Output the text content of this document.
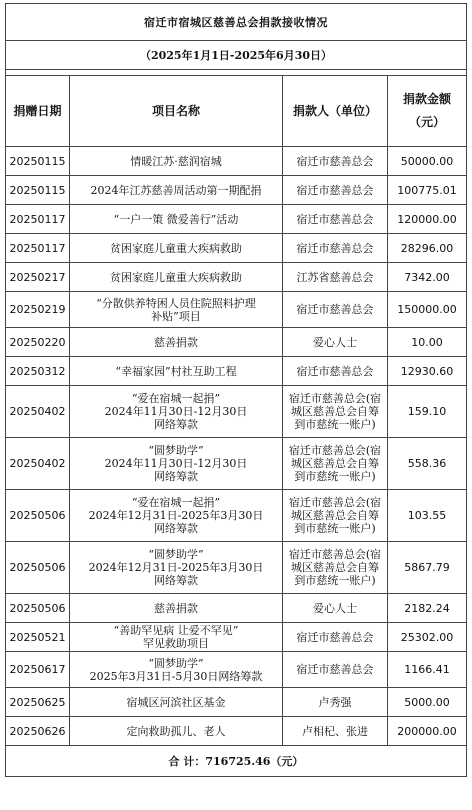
宿迁市宿城区慈善总会捐款接收情况			
（2025年1月1日-2025年6月30日）			

捐赠日期	项目名称	捐款人（单位）	捐款金额
（元）

20250115	情暖江苏·慈润宿城	宿迁市慈善总会	50000.00
20250115	2024年江苏慈善周活动第一期配捐	宿迁市慈善总会	100775.01
20250117	“一户一策 微爱善行”活动	宿迁市慈善总会	120000.00
20250117	贫困家庭儿童重大疾病救助	宿迁市慈善总会	28296.00
20250217	贫困家庭儿童重大疾病救助	江苏省慈善总会	7342.00
20250219	“分散供养特困人员住院照料护理
补贴”项目	宿迁市慈善总会	150000.00
20250220	慈善捐款	爱心人士	10.00
20250312	“幸福家园”村社互助工程	宿迁市慈善总会	12930.60
20250402	“爱在宿城一起捐”
2024年11月30日-12月30日
网络筹款	宿迁市慈善总会(宿
城区慈善总会自筹
到市慈统一账户)	159.10
20250402	“圆梦助学”
2024年11月30日-12月30日
网络筹款	宿迁市慈善总会(宿
城区慈善总会自筹
到市慈统一账户)	558.36
20250506	“爱在宿城一起捐”
2024年12月31日-2025年3月30日
网络筹款	宿迁市慈善总会(宿
城区慈善总会自筹
到市慈统一账户)	103.55
20250506	“圆梦助学”
2024年12月31日-2025年3月30日
网络筹款	宿迁市慈善总会(宿
城区慈善总会自筹
到市慈统一账户)	5867.79
20250506	慈善捐款	爱心人士	2182.24
20250521	“善助罕见病 让爱不罕见”
罕见救助项目	宿迁市慈善总会	25302.00
20250617	“圆梦助学”
2025年3月31日-5月30日网络筹款	宿迁市慈善总会	1166.41
20250625	宿城区河滨社区基金	卢秀强	5000.00
20250626	定向救助孤儿、老人	卢相杞、张进	200000.00
合 计：716725.46（元）			
